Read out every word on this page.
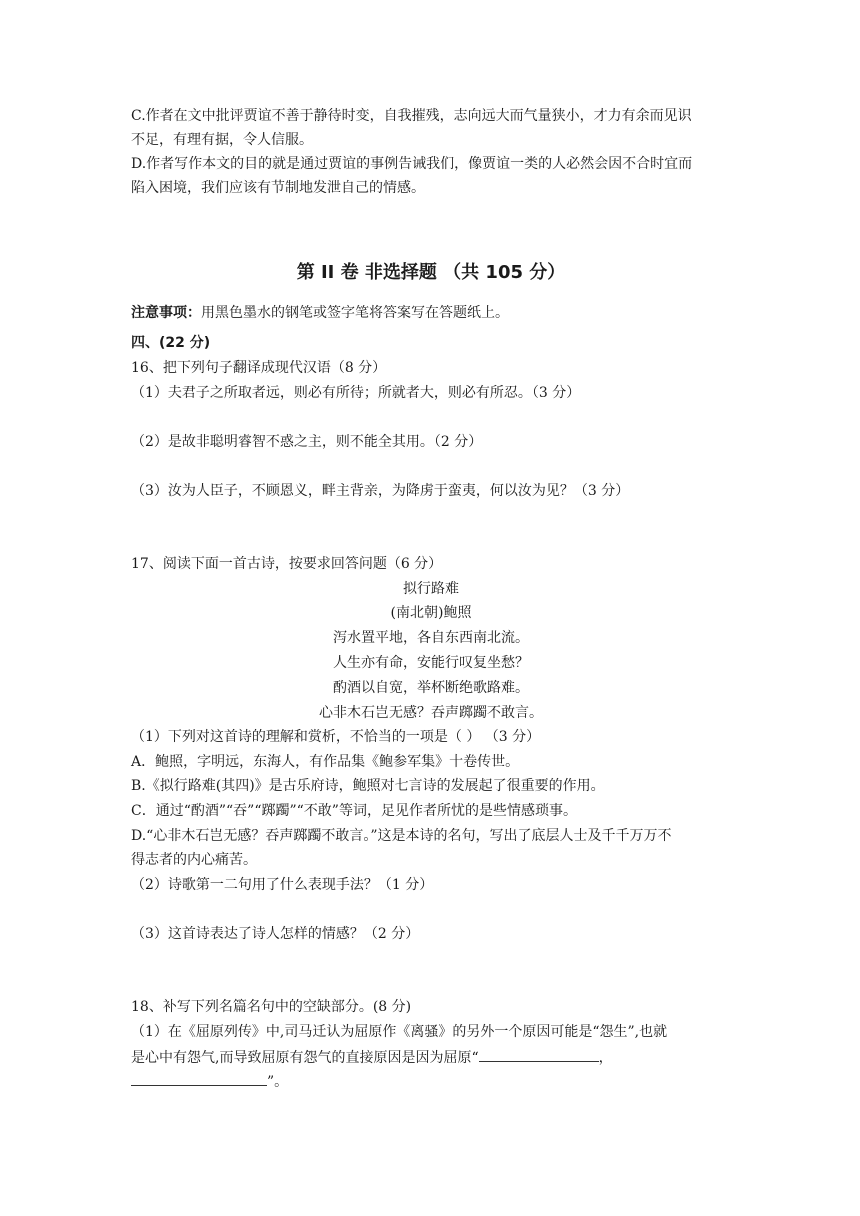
C.作者在文中批评贾谊不善于静待时变，自我摧残，志向远大而气量狭小，才力有余而见识
不足，有理有据，令人信服。
D.作者写作本文的目的就是通过贾谊的事例告诫我们，像贾谊一类的人必然会因不合时宜而
陷入困境，我们应该有节制地发泄自己的情感。
第 II 卷 非选择题 （共 105 分）
注意事项：用黑色墨水的钢笔或签字笔将答案写在答题纸上。
四、(22 分)
16、把下列句子翻译成现代汉语（8 分）
（1）夫君子之所取者远，则必有所待；所就者大，则必有所忍。（3 分）
（2）是故非聪明睿智不惑之主，则不能全其用。（2 分）
（3）汝为人臣子，不顾恩义，畔主背亲，为降虏于蛮夷，何以汝为见？（3 分）
17、阅读下面一首古诗，按要求回答问题（6 分）
拟行路难
(南北朝)鲍照
泻水置平地，各自东西南北流。
人生亦有命，安能行叹复坐愁？
酌酒以自宽，举杯断绝歌路难。
心非木石岂无感？吞声踯躅不敢言。
（1）下列对这首诗的理解和赏析，不恰当的一项是（ ） （3 分）
A．鲍照，字明远，东海人，有作品集《鲍参军集》十卷传世。
B.《拟行路难(其四)》是古乐府诗，鲍照对七言诗的发展起了很重要的作用。
C．通过“酌酒”“吞”“踯躅”“不敢”等词，足见作者所忧的是些情感琐事。
D.“心非木石岂无感？吞声踯躅不敢言。”这是本诗的名句，写出了底层人士及千千万万不
得志者的内心痛苦。
（2）诗歌第一二句用了什么表现手法？（1 分）
（3）这首诗表达了诗人怎样的情感？（2 分）
18、补写下列名篇名句中的空缺部分。(8 分)
（1）在《屈原列传》中,司马迁认为屈原作《离骚》的另外一个原因可能是“怨生”,也就
是心中有怨气,而导致屈原有怨气的直接原因是因为屈原“	，
”。
